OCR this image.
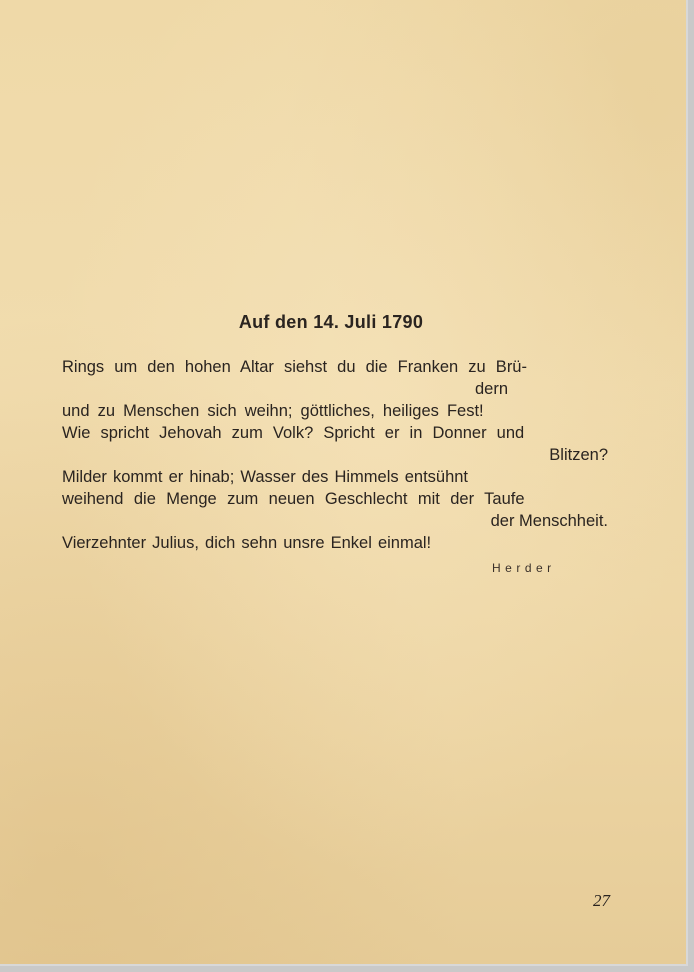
Auf den 14. Juli 1790
Rings um den hohen Altar siehst du die Franken zu Brü-
dern
und zu Menschen sich weihn; göttliches, heiliges Fest!
Wie spricht Jehovah zum Volk? Spricht er in Donner und
Blitzen?
Milder kommt er hinab; Wasser des Himmels entsühnt
weihend die Menge zum neuen Geschlecht mit der Taufe
der Menschheit.
Vierzehnter Julius, dich sehn unsre Enkel einmal!
Herder
27
